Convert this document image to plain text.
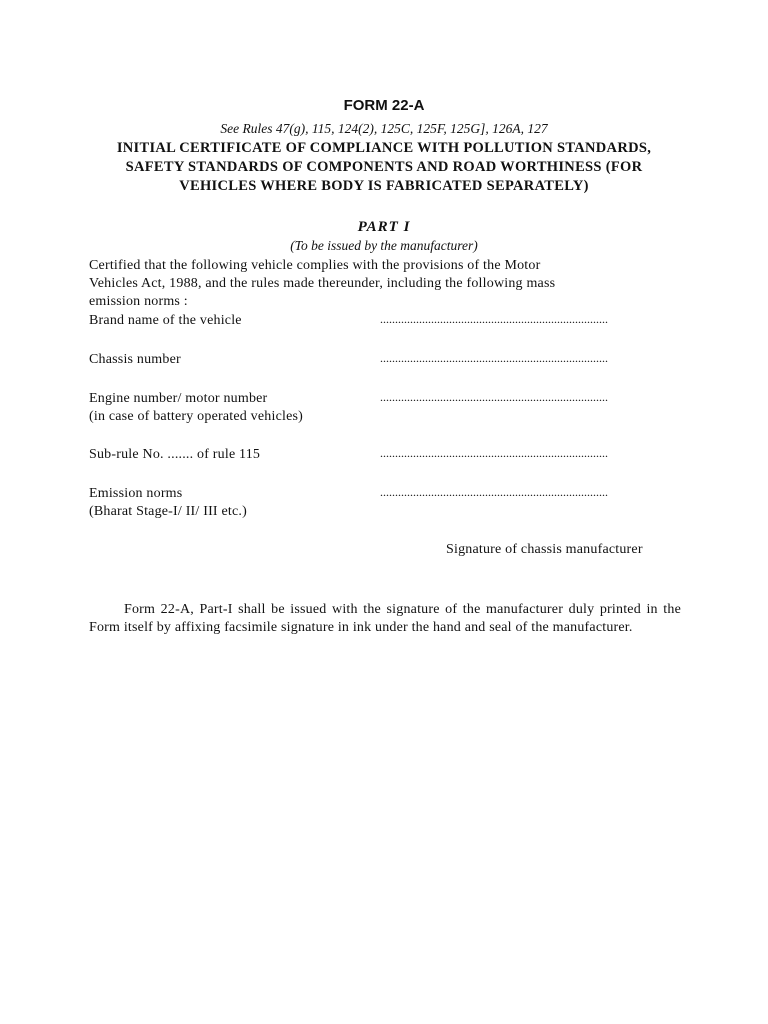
FORM 22-A

See Rules 47(g), 115, 124(2), 125C, 125F, 125G], 126A, 127

INITIAL CERTIFICATE OF COMPLIANCE WITH POLLUTION STANDARDS,
SAFETY STANDARDS OF COMPONENTS AND ROAD WORTHINESS (FOR
VEHICLES WHERE BODY IS FABRICATED SEPARATELY)
PART I

(To be issued by the manufacturer)

Certified that the following vehicle complies with the provisions of the Motor
Vehicles Act, 1988, and the rules made thereunder, including the following mass
emission norms :

Brand name of the vehicle	............................................................................
Chassis number	............................................................................
Engine number/ motor number
(in case of battery operated vehicles)
............................................................................
Sub-rule No. ....... of rule 115	............................................................................
Emission norms
(Bharat Stage-I/ II/ III etc.)
............................................................................

Signature of chassis manufacturer

Form 22-A, Part-I shall be issued with the signature of the manufacturer duly printed in the Form itself by affixing facsimile signature in ink under the hand and seal of the manufacturer.
